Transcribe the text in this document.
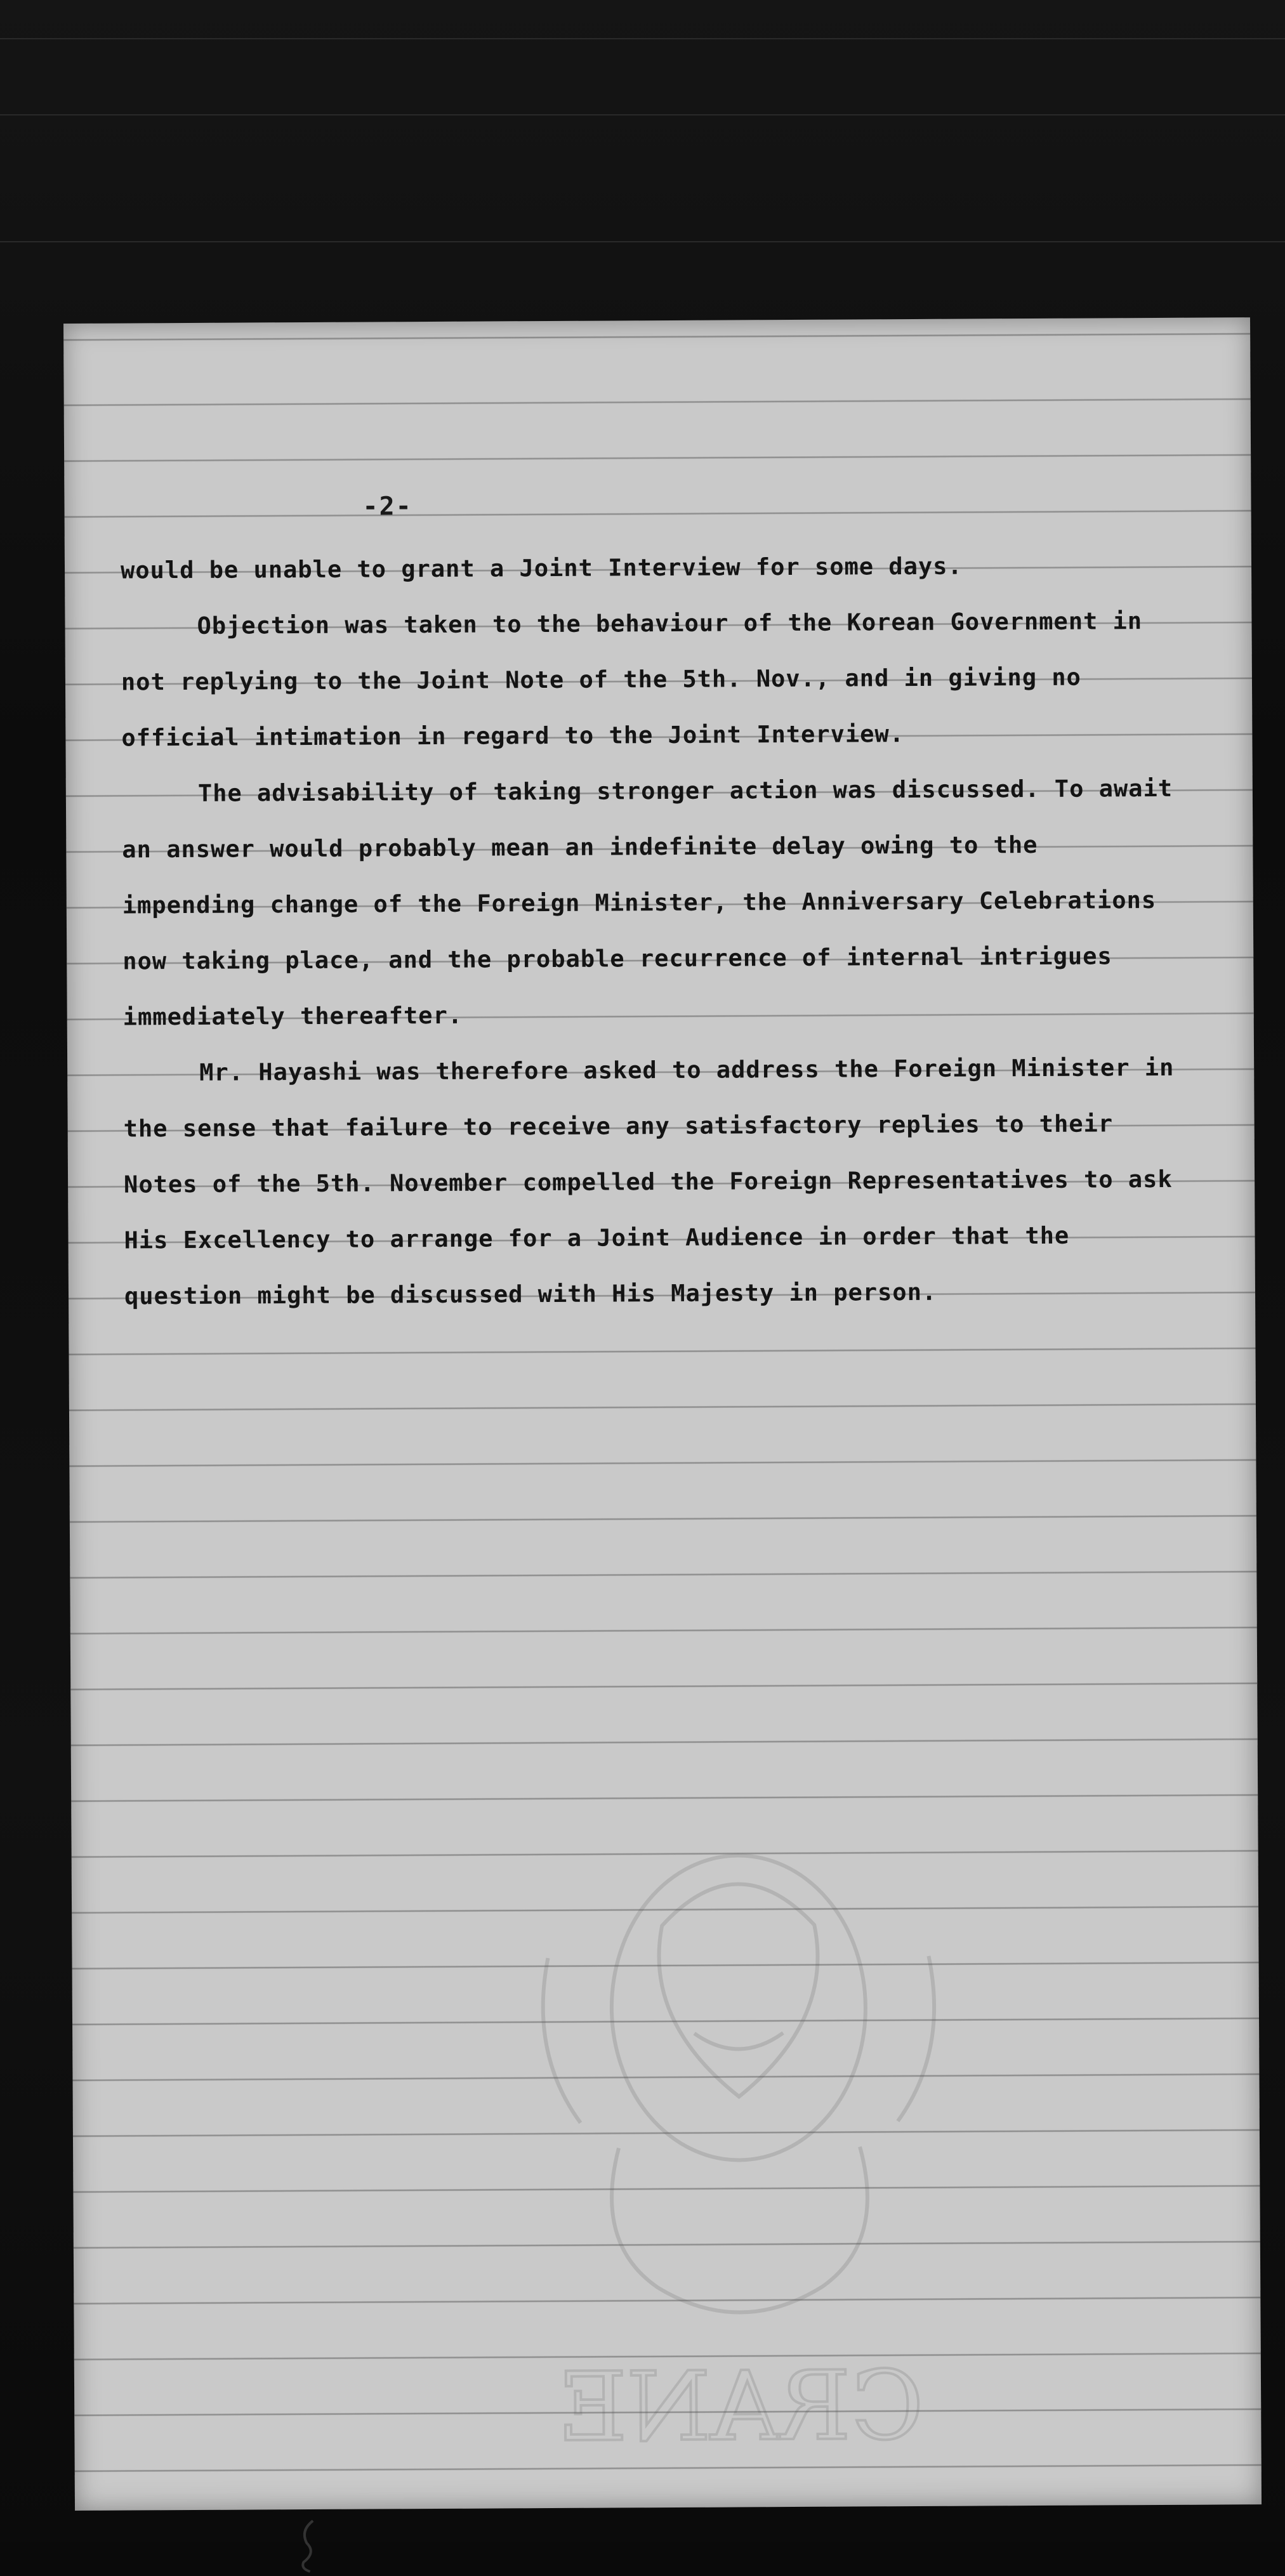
CRANE
-2-

would be unable to grant a Joint Interview for some days.

Objection was taken to the behaviour of the Korean Government in not replying to the Joint Note of the 5th. Nov., and in giving no official intimation in regard to the Joint Interview.

The advisability of taking stronger action was discussed. To await an answer would probably mean an indefinite delay owing to the impending change of the Foreign Minister, the Anniversary Celebrations now taking place, and the probable recurrence of internal intrigues immediately thereafter.

Mr. Hayashi was therefore asked to address the Foreign Minister in the sense that failure to receive any satisfactory replies to their Notes of the 5th. November compelled the Foreign Representatives to ask His Excellency to arrange for a Joint Audience in order that the question might be discussed with His Majesty in person.
